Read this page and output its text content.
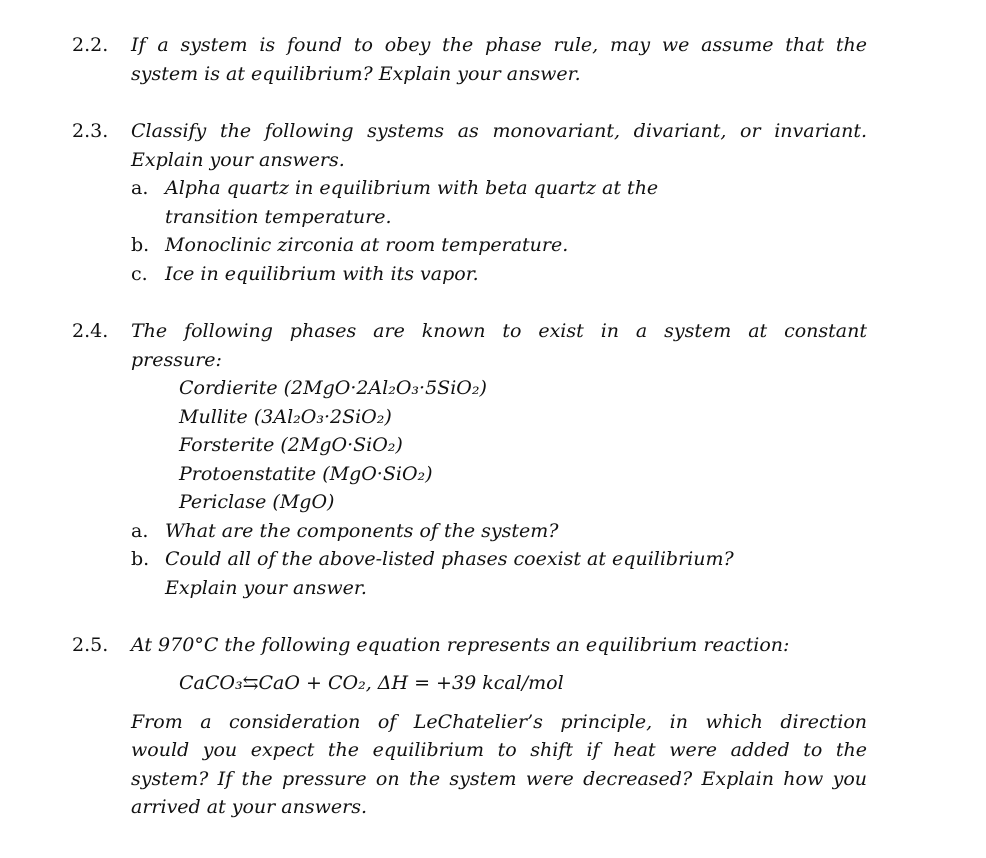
2.2. If a system is found to obey the phase rule, may we assume that the
system is at equilibrium? Explain your answer.
2.3. Classify the following systems as monovariant, divariant, or invariant.
Explain your answers.
a. Alpha quartz in equilibrium with beta quartz at the
transition temperature.
b. Monoclinic zirconia at room temperature.
c. Ice in equilibrium with its vapor.
2.4. The following phases are known to exist in a system at constant
pressure:
Cordierite (2MgO·2Al₂O₃·5SiO₂)
Mullite (3Al₂O₃·2SiO₂)
Forsterite (2MgO·SiO₂)
Protoenstatite (MgO·SiO₂)
Periclase (MgO)
a. What are the components of the system?
b. Could all of the above-listed phases coexist at equilibrium?
Explain your answer.
2.5. At 970°C the following equation represents an equilibrium reaction:
CaCO₃⇆CaO + CO₂, ΔH = +39 kcal/mol
From a consideration of LeChatelier’s principle, in which direction
would you expect the equilibrium to shift if heat were added to the
system? If the pressure on the system were decreased? Explain how you
arrived at your answers.
